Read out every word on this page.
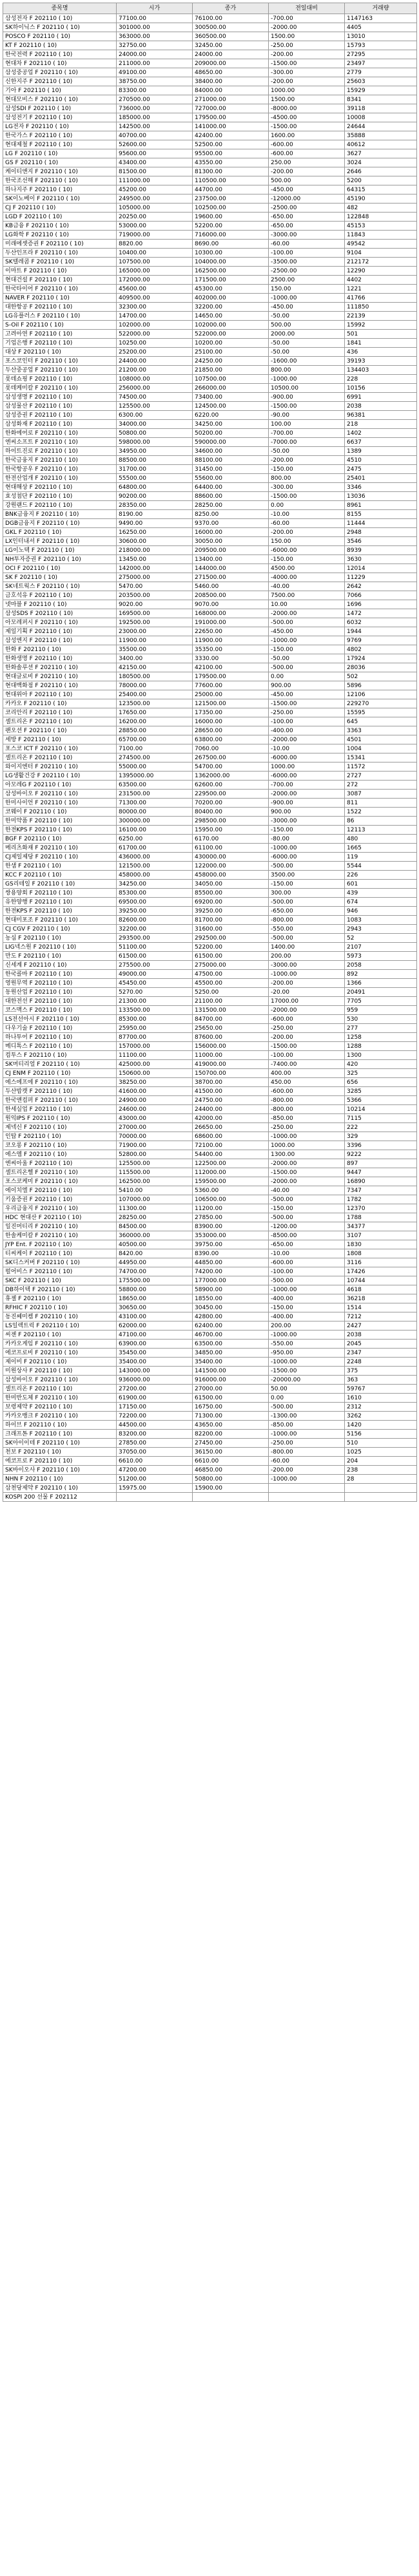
종목명	시가	종가	전일대비	거래량
삼성전자 F 202110 ( 10)	77100.00	76100.00	-700.00	1147163
SK하이닉스 F 202110 ( 10)	301000.00	300500.00	-2000.00	4405
POSCO F 202110 ( 10)	363000.00	360500.00	1500.00	13010
KT F 202110 ( 10)	32750.00	32450.00	-250.00	15793
한국전력 F 202110 ( 10)	24000.00	24000.00	-200.00	27295
현대차 F 202110 ( 10)	211000.00	209000.00	-1500.00	23497
삼성중공업 F 202110 ( 10)	49100.00	48650.00	-300.00	2779
신한지주 F 202110 ( 10)	38750.00	38400.00	-200.00	25603
기아 F 202110 ( 10)	83300.00	84000.00	1000.00	15929
현대모비스 F 202110 ( 10)	270500.00	271000.00	1500.00	8341
삼성SDI F 202110 ( 10)	736000.00	727000.00	-8000.00	39118
삼성전기 F 202110 ( 10)	185000.00	179500.00	-4500.00	10008
LG전자 F 202110 ( 10)	142500.00	141000.00	-1500.00	24644
한국가스 F 202110 ( 10)	40700.00	42400.00	1600.00	35888
현대제철 F 202110 ( 10)	52600.00	52500.00	-600.00	40612
LG F 202110 ( 10)	95600.00	95500.00	-600.00	3627
GS F 202110 ( 10)	43400.00	43550.00	250.00	3024
케이티앤지 F 202110 ( 10)	81500.00	81300.00	-200.00	2646
한국조선해 F 202110 ( 10)	111000.00	110500.00	500.00	5200
하나지주 F 202110 ( 10)	45200.00	44700.00	-450.00	64315
SK이노베이 F 202110 ( 10)	249500.00	237500.00	-12000.00	45190
CJ F 202110 ( 10)	105000.00	102500.00	-2500.00	482
LGD F 202110 ( 10)	20250.00	19600.00	-650.00	122848
KB금융 F 202110 ( 10)	53000.00	52200.00	-650.00	45153
LG화학 F 202110 ( 10)	719000.00	716000.00	-3000.00	11843
미래에셋증권 F 202110 ( 10)	8820.00	8690.00	-60.00	49542
두산인프라 F 202110 ( 10)	10400.00	10300.00	-100.00	9104
SK텔레콤 F 202110 ( 10)	107500.00	104000.00	-3500.00	212172
이마트 F 202110 ( 10)	165000.00	162500.00	-2500.00	12290
현대건설 F 202110 ( 10)	172000.00	171500.00	2500.00	4402
한국타이어 F 202110 ( 10)	45600.00	45300.00	150.00	1221
NAVER F 202110 ( 10)	409500.00	402000.00	-1000.00	41766
대한항공 F 202110 ( 10)	32300.00	32200.00	-450.00	111850
LG유플러스 F 202110 ( 10)	14700.00	14650.00	-50.00	22139
S-Oil F 202110 ( 10)	102000.00	102000.00	500.00	15992
고려아연 F 202110 ( 10)	522000.00	522000.00	2000.00	501
기업은행 F 202110 ( 10)	10250.00	10200.00	-50.00	1841
대상 F 202110 ( 10)	25200.00	25100.00	-50.00	436
포스코인터 F 202110 ( 10)	24400.00	24250.00	-1600.00	39193
두산중공업 F 202110 ( 10)	21200.00	21850.00	800.00	134403
롯데쇼핑 F 202110 ( 10)	108000.00	107500.00	-1000.00	228
롯데케미칼 F 202110 ( 10)	256000.00	266000.00	10500.00	10156
삼성생명 F 202110 ( 10)	74500.00	73400.00	-900.00	6991
삼성물산 F 202110 ( 10)	125500.00	124500.00	-1500.00	2038
삼성증권 F 202110 ( 10)	6300.00	6220.00	-90.00	96381
삼성화재 F 202110 ( 10)	34000.00	34250.00	100.00	218
한화에어로 F 202110 ( 10)	50800.00	50200.00	-700.00	1402
엔씨소프트 F 202110 ( 10)	598000.00	590000.00	-7000.00	6637
하이트진로 F 202110 ( 10)	34950.00	34600.00	-50.00	1389
한국금융지 F 202110 ( 10)	88500.00	88100.00	-200.00	4510
한국항공우 F 202110 ( 10)	31700.00	31450.00	-150.00	2475
한전산업개 F 202110 ( 10)	55500.00	55600.00	800.00	25401
현대해상 F 202110 ( 10)	64800.00	64400.00	-300.00	3346
효성첨단 F 202110 ( 10)	90200.00	88600.00	-1500.00	13036
강원랜드 F 202110 ( 10)	28350.00	28250.00	0.00	8961
BNK금융지 F 202110 ( 10)	8190.00	8250.00	-10.00	8155
DGB금융지 F 202110 ( 10)	9490.00	9370.00	-60.00	11444
GKL F 202110 ( 10)	16250.00	16000.00	-200.00	2948
LX인터내셔 F 202110 ( 10)	30600.00	30050.00	150.00	3546
LG이노텍 F 202110 ( 10)	218000.00	209500.00	-6000.00	8939
NH투자증권 F 202110 ( 10)	13450.00	13400.00	-150.00	3630
OCI F 202110 ( 10)	142000.00	144000.00	4500.00	12014
SK F 202110 ( 10)	275000.00	271500.00	-4000.00	11229
SK네트웍스 F 202110 ( 10)	5470.00	5460.00	-40.00	2642
금호석유 F 202110 ( 10)	203500.00	208500.00	7500.00	7066
넷마블 F 202110 ( 10)	9020.00	9070.00	10.00	1696
삼성SDS F 202110 ( 10)	169500.00	168000.00	-2000.00	1472
아모레퍼시 F 202110 ( 10)	192500.00	191000.00	-500.00	6032
제일기획 F 202110 ( 10)	23000.00	22650.00	-450.00	1944
삼성엔지 F 202110 ( 10)	11900.00	11900.00	-1000.00	9769
한화 F 202110 ( 10)	35500.00	35350.00	-150.00	4802
한화생명 F 202110 ( 10)	3400.00	3330.00	-50.00	17924
한화솔루션 F 202110 ( 10)	42150.00	42100.00	-500.00	28036
현대글로비 F 202110 ( 10)	180500.00	179500.00	0.00	502
현대백화점 F 202110 ( 10)	78000.00	77600.00	900.00	5896
현대위아 F 202110 ( 10)	25400.00	25000.00	-450.00	12106
카카오 F 202110 ( 10)	123500.00	121500.00	-1500.00	229270
코리안리 F 202110 ( 10)	17650.00	17350.00	-250.00	15595
셀트리온 F 202110 ( 10)	16200.00	16000.00	-100.00	645
팬오션 F 202110 ( 10)	28850.00	28650.00	-400.00	3363
세방 F 202110 ( 10)	65700.00	63800.00	-2000.00	4501
포스코 ICT F 202110 ( 10)	7100.00	7060.00	-10.00	1004
셀트리온 F 202110 ( 10)	274500.00	267500.00	-6000.00	15341
와이지엔터 F 202110 ( 10)	55000.00	54700.00	1000.00	11572
LG생활건강 F 202110 ( 10)	1395000.00	1362000.00	-6000.00	2727
아모레G F 202110 ( 10)	63500.00	62600.00	-700.00	272
삼성바이오 F 202110 ( 10)	231500.00	229500.00	-2000.00	3087
한미사이언 F 202110 ( 10)	71300.00	70200.00	-900.00	811
코웨이 F 202110 ( 10)	80000.00	80400.00	900.00	1522
한미약품 F 202110 ( 10)	300000.00	298500.00	-3000.00	86
한전KPS F 202110 ( 10)	16100.00	15950.00	-150.00	12113
BGF F 202110 ( 10)	6250.00	6170.00	-80.00	480
메리츠화재 F 202110 ( 10)	61700.00	61100.00	-1000.00	1665
CJ제일제당 F 202110 ( 10)	436000.00	430000.00	-6000.00	119
한샘 F 202110 ( 10)	121500.00	122000.00	-500.00	5544
KCC F 202110 ( 10)	458000.00	458000.00	3500.00	226
GS리테일 F 202110 ( 10)	34250.00	34050.00	-150.00	601
쌍용양회 F 202110 ( 10)	85300.00	85500.00	300.00	439
유한양행 F 202110 ( 10)	69500.00	69200.00	-500.00	674
한전KPS F 202110 ( 10)	39250.00	39250.00	-650.00	946
현대미포조 F 202110 ( 10)	82600.00	81700.00	-800.00	1083
CJ CGV F 202110 ( 10)	32200.00	31600.00	-550.00	2943
농심 F 202110 ( 10)	293500.00	292500.00	-500.00	52
LIG넥스원 F 202110 ( 10)	51100.00	52200.00	1400.00	2107
만도 F 202110 ( 10)	61500.00	61500.00	200.00	5973
신세계 F 202110 ( 10)	275500.00	275000.00	-3000.00	2058
한국콜마 F 202110 ( 10)	49000.00	47500.00	-1000.00	892
영원무역 F 202110 ( 10)	45450.00	45500.00	-200.00	1366
동원산업 F 202110 ( 10)	5270.00	5250.00	-20.00	20491
대한전선 F 202110 ( 10)	21300.00	21100.00	17000.00	7705
코스맥스 F 202110 ( 10)	133500.00	131500.00	-2000.00	959
LS전선아시 F 202110 ( 10)	85300.00	84700.00	-600.00	530
다우기술 F 202110 ( 10)	25950.00	25650.00	-250.00	277
하나투어 F 202110 ( 10)	87700.00	87600.00	-200.00	1258
메디톡스 F 202110 ( 10)	157000.00	156000.00	-1500.00	1288
컴투스 F 202110 ( 10)	11100.00	11000.00	-100.00	1300
SK머티리얼 F 202110 ( 10)	425000.00	419000.00	-7400.00	420
CJ ENM F 202110 ( 10)	150600.00	150700.00	400.00	325
에스에프에 F 202110 ( 10)	38250.00	38700.00	450.00	656
두산밥캣 F 202110 ( 10)	41600.00	41500.00	-600.00	3285
한국앤컴퍼 F 202110 ( 10)	24900.00	24750.00	-800.00	5366
한세실업 F 202110 ( 10)	24600.00	24400.00	-800.00	10214
원익IPS F 202110 ( 10)	43000.00	42000.00	-850.00	7115
제넥신 F 202110 ( 10)	27000.00	26650.00	-250.00	222
인탑 F 202110 ( 10)	70000.00	68600.00	-1000.00	329
코오롱 F 202110 ( 10)	71900.00	72100.00	1000.00	3396
에스엠 F 202110 ( 10)	52800.00	54400.00	1300.00	9222
엔씨아울 F 202110 ( 10)	125500.00	122500.00	-2000.00	897
셀트리온헬 F 202110 ( 10)	115500.00	112000.00	-1500.00	9447
포스코케미 F 202110 ( 10)	162500.00	159500.00	-2000.00	16890
에이치엘 F 202110 ( 10)	5410.00	5360.00	-40.00	7347
키움증권 F 202110 ( 10)	107000.00	106500.00	-500.00	1782
우리금융지 F 202110 ( 10)	11300.00	11200.00	-150.00	12370
HDC 현대산 F 202110 ( 10)	28250.00	27850.00	-500.00	1788
일진머티리 F 202110 ( 10)	84500.00	83900.00	-1200.00	34377
한솔케미칼 F 202110 ( 10)	360000.00	353000.00	-8500.00	3107
JYP Ent. F 202110 ( 10)	40500.00	39750.00	-650.00	1830
티씨케이 F 202110 ( 10)	8420.00	8390.00	-10.00	1808
SK디스커버 F 202110 ( 10)	44950.00	44850.00	-600.00	3116
펄어비스 F 202110 ( 10)	74700.00	74200.00	-100.00	17426
SKC F 202110 ( 10)	175500.00	177000.00	-500.00	10744
DB하이텍 F 202110 ( 10)	58800.00	58900.00	-1000.00	4618
휴젤 F 202110 ( 10)	18650.00	18550.00	-400.00	36218
RFHIC F 202110 ( 10)	30650.00	30450.00	-150.00	1514
동진쎄미켐 F 202110 ( 10)	43100.00	42800.00	-400.00	7212
LS일렉트릭 F 202110 ( 10)	62000.00	62400.00	200.00	2427
씨젠 F 202110 ( 10)	47100.00	46700.00	-1000.00	2038
카카오게임 F 202110 ( 10)	63900.00	63500.00	-550.00	2045
에코프로비 F 202110 ( 10)	35450.00	34850.00	-950.00	2347
제이비 F 202110 ( 10)	35400.00	35400.00	-1000.00	2248
미원상사 F 202110 ( 10)	143000.00	141500.00	-1500.00	375
삼성바이오 F 202110 ( 10)	936000.00	916000.00	-20000.00	363
셀트리온 F 202110 ( 10)	27200.00	27000.00	50.00	59767
한미반도체 F 202110 ( 10)	61900.00	61500.00	0.00	1610
보령제약 F 202110 ( 10)	17150.00	16750.00	-500.00	2312
카카오뱅크 F 202110 ( 10)	72200.00	71300.00	-1300.00	3262
하이브 F 202110 ( 10)	44500.00	43650.00	-850.00	1420
크래프톤 F 202110 ( 10)	83200.00	82200.00	-1000.00	5156
SK아이이테 F 202110 ( 10)	27850.00	27450.00	-250.00	510
천보 F 202110 ( 10)	37050.00	36150.00	-800.00	1025
에코프로 F 202110 ( 10)	6610.00	6610.00	-60.00	204
SK바이오사 F 202110 ( 10)	47200.00	46850.00	-200.00	238
NHN F 202110 ( 10)	51200.00	50800.00	-1000.00	28
삼천당제약 F 202110 ( 10)	15975.00	15900.00		
KOSPI 200 선물 F 202112				
